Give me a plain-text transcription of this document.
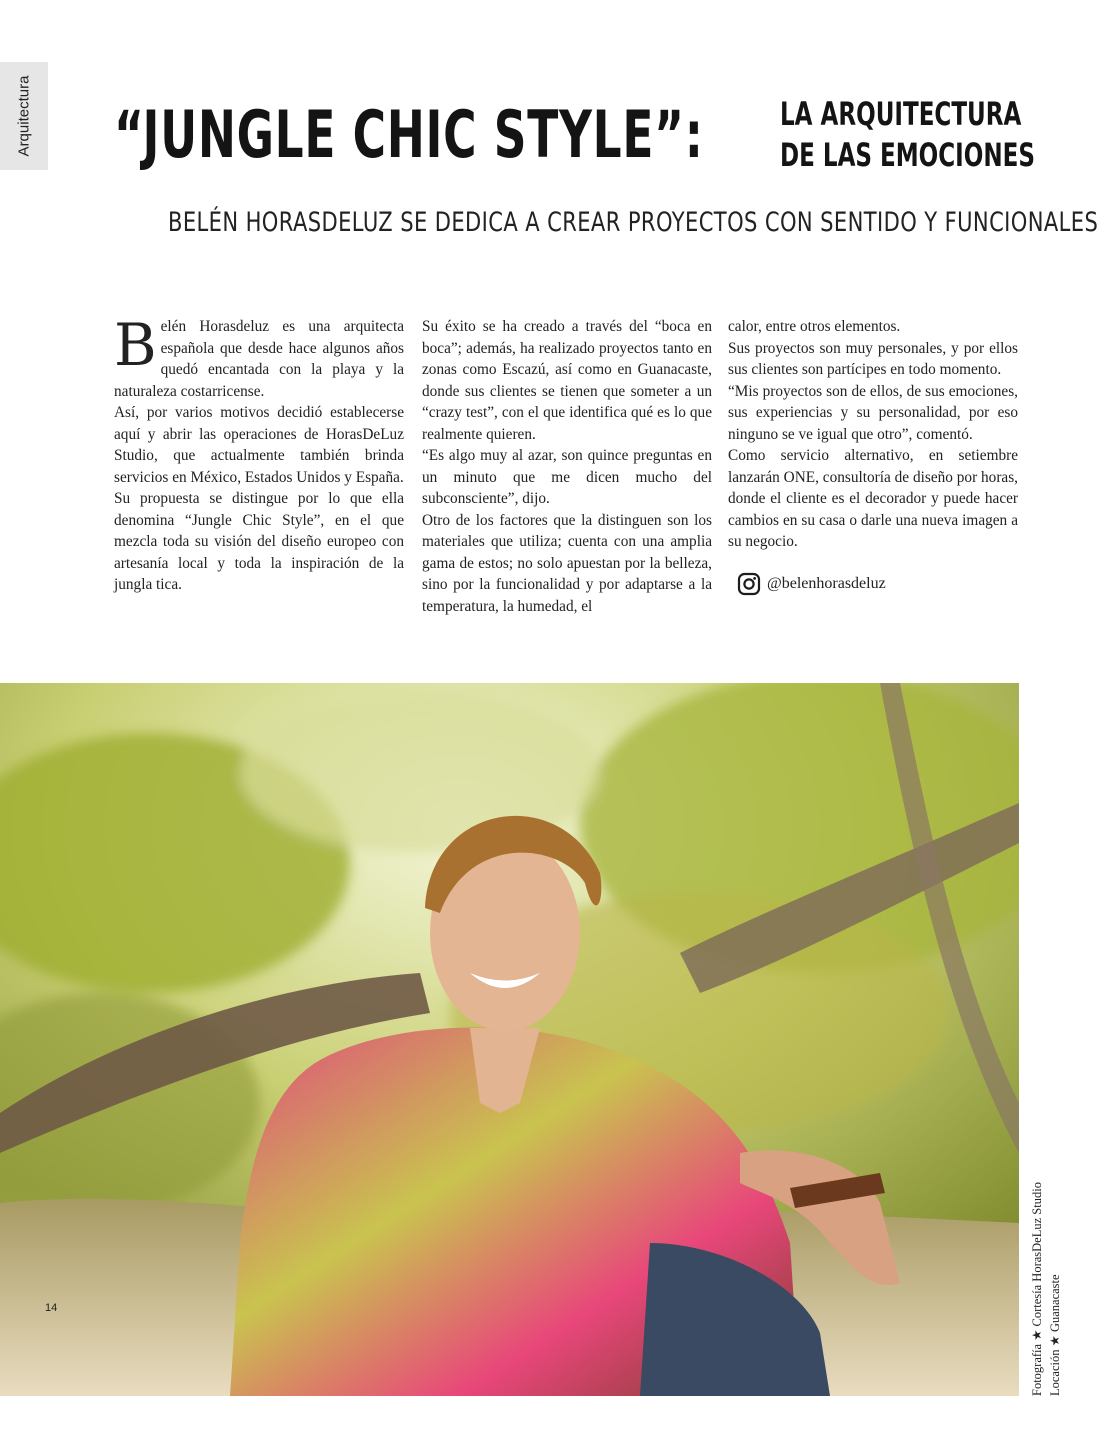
Arquitectura “JUNGLE CHIC STYLE”: LA ARQUITECTURA
DE LAS EMOCIONES
BELÉN HORASDELUZ SE DEDICA A CREAR PROYECTOS CON SENTIDO Y FUNCIONALES

Belén Horasdeluz es una arquitecta española que desde hace algunos años quedó encantada con la playa y la naturaleza costarricense.

Así, por varios motivos decidió establecerse aquí y abrir las operaciones de HorasDeLuz Studio, que actualmente también brinda servicios en México, Estados Unidos y España.

Su propuesta se distingue por lo que ella denomina “Jungle Chic Style”, en el que mezcla toda su visión del diseño europeo con artesanía local y toda la inspiración de la jungla tica.

Su éxito se ha creado a través del “boca en boca”; además, ha realizado proyectos tanto en zonas como Escazú, así como en Guanacaste, donde sus clientes se tienen que someter a un “crazy test”, con el que identifica qué es lo que realmente quieren.

“Es algo muy al azar, son quince preguntas en un minuto que me dicen mucho del subconsciente”, dijo.

Otro de los factores que la distinguen son los materiales que utiliza; cuenta con una amplia gama de estos; no solo apuestan por la belleza, sino por la funcionalidad y por adaptarse a la temperatura, la humedad, el

calor, entre otros elementos.

Sus proyectos son muy personales, y por ellos sus clientes son partícipes en todo momento.

“Mis proyectos son de ellos, de sus emociones, sus experiencias y su personalidad, por eso ninguno se ve igual que otro”, comentó.

Como servicio alternativo, en setiembre lanzarán ONE, consultoría de diseño por horas, donde el cliente es el decorador y puede hacer cambios en su casa o darle una nueva imagen a su negocio.

@belenhorasdeluz
14	Fotografía ★ Cortesía HorasDeLuz Studio Locación ★ Guanacaste
